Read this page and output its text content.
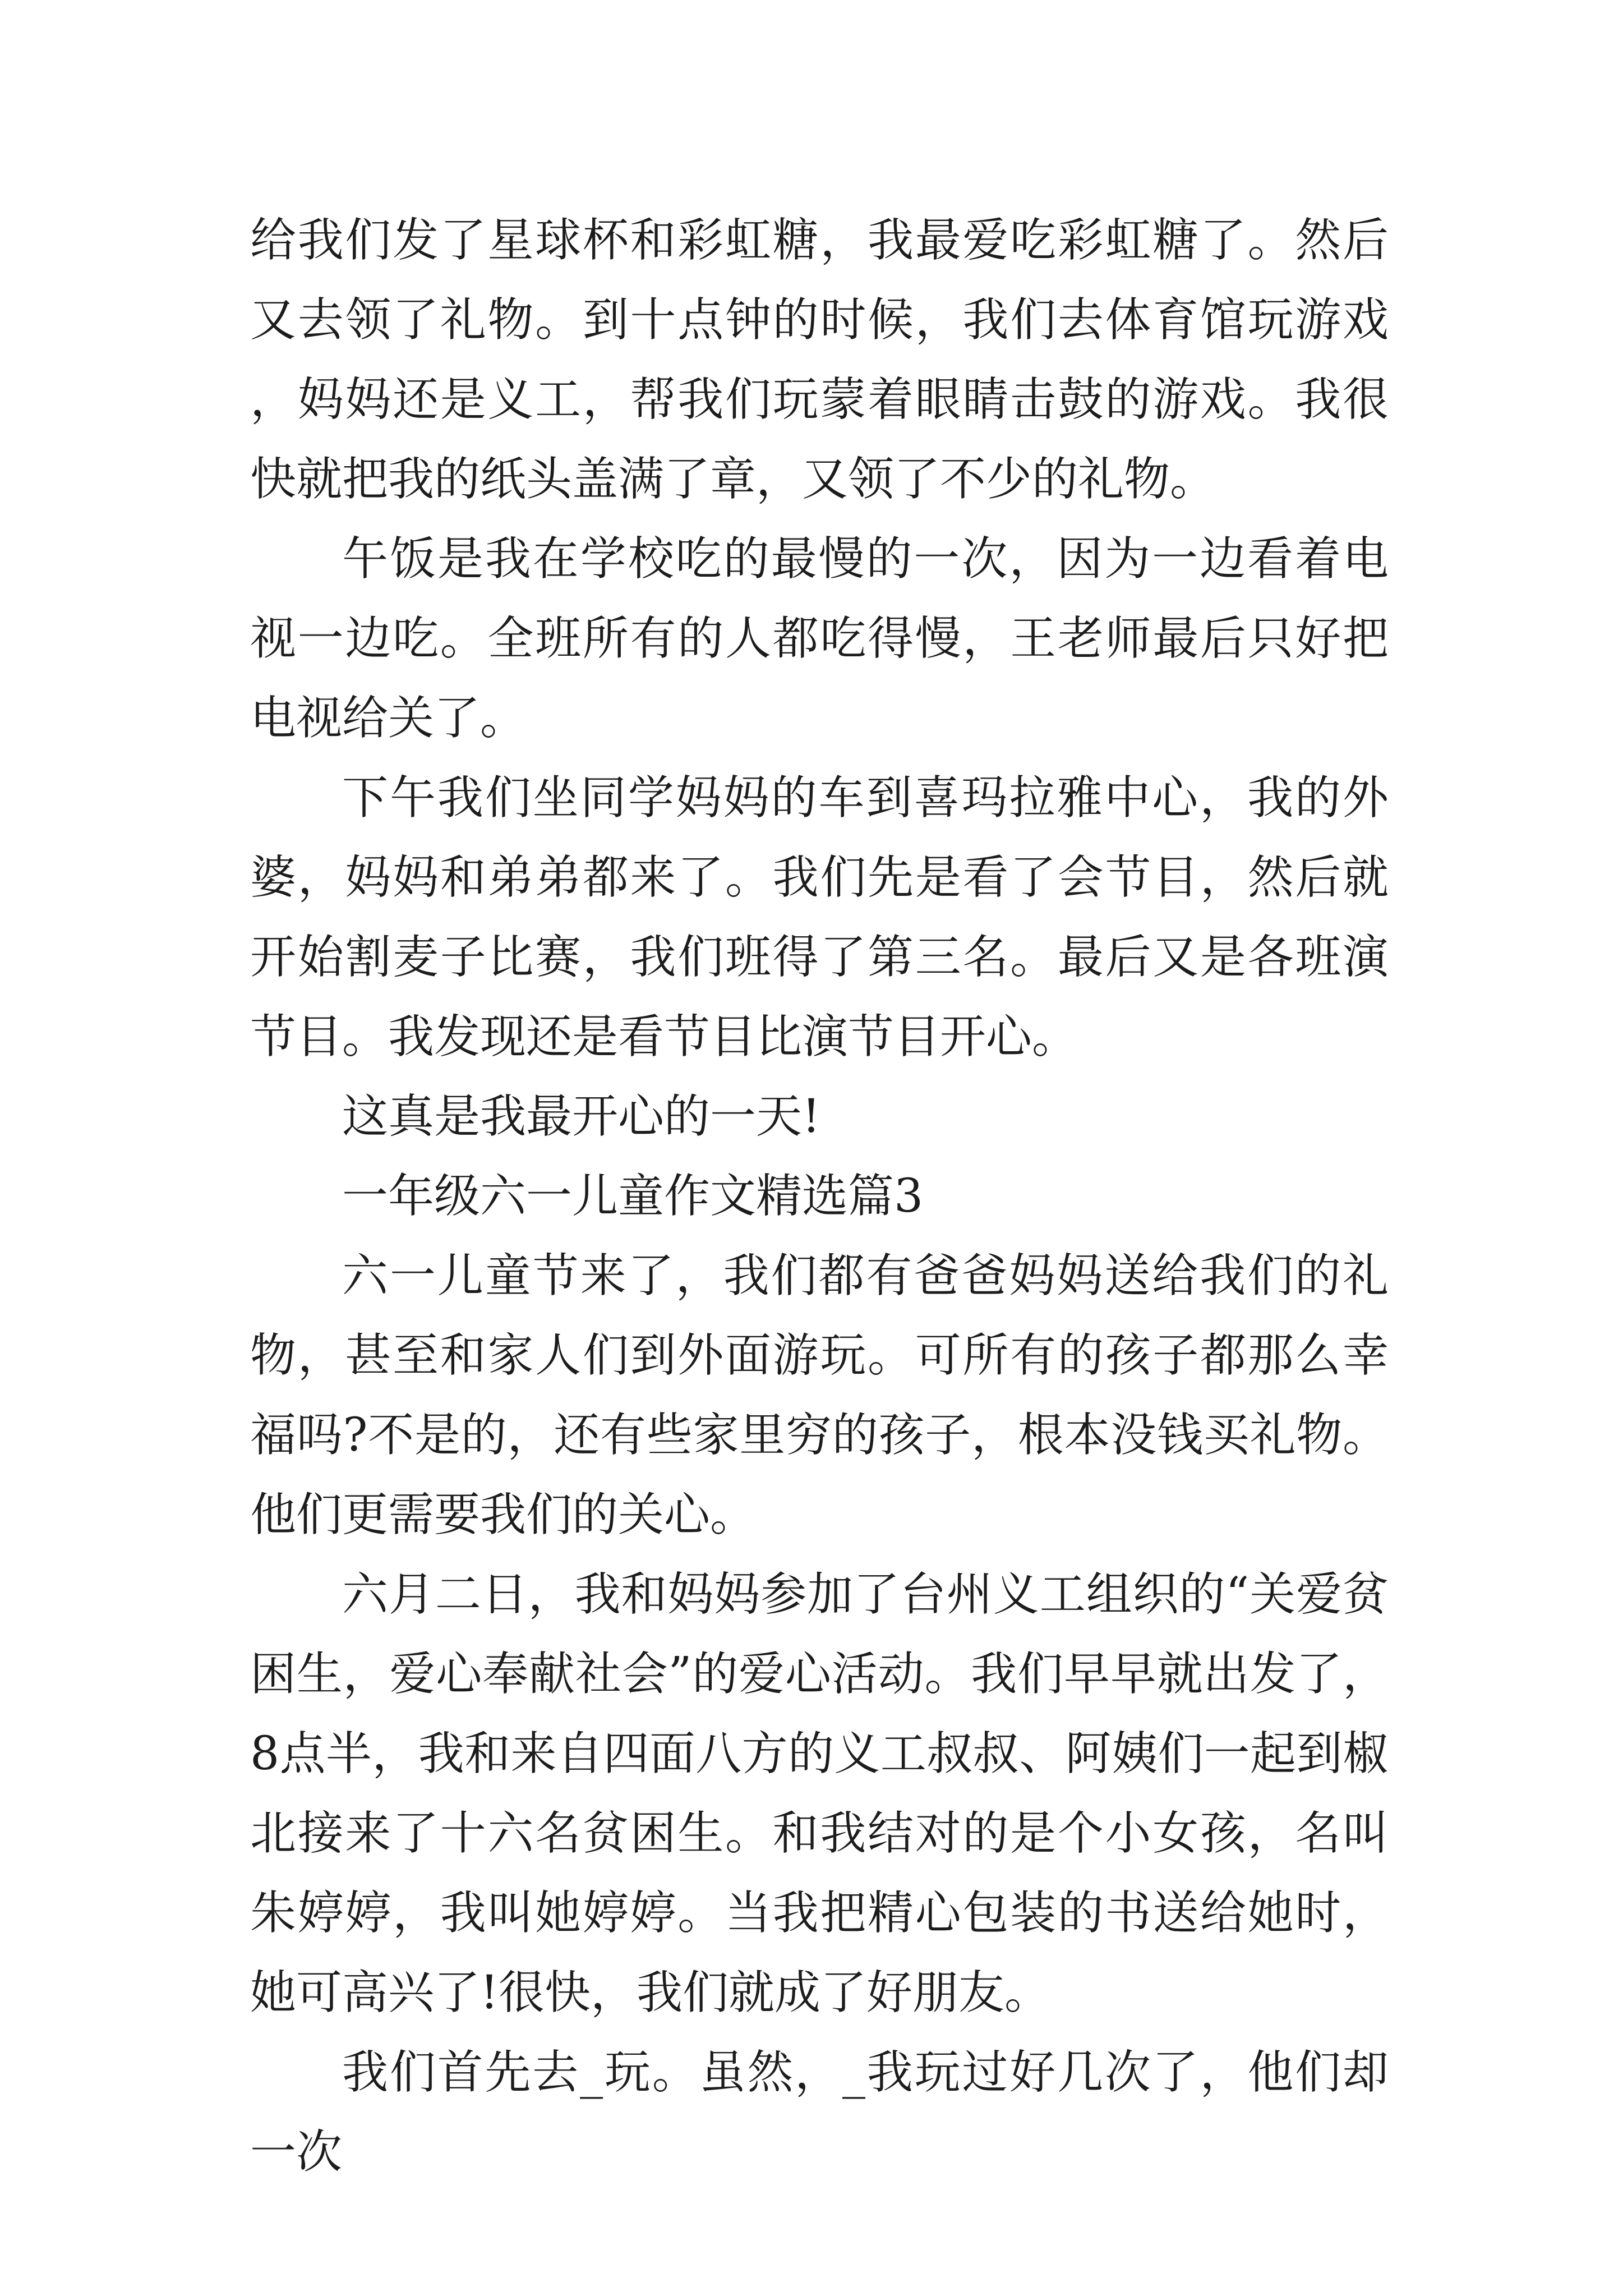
给我们发了星球杯和彩虹糖，我最爱吃彩虹糖了。然后又去领了礼物。到十点钟的时候，我们去体育馆玩游戏，妈妈还是义工，帮我们玩蒙着眼睛击鼓的游戏。我很快就把我的纸头盖满了章，又领了不少的礼物。

午饭是我在学校吃的最慢的一次，因为一边看着电视一边吃。全班所有的人都吃得慢，王老师最后只好把电视给关了。

下午我们坐同学妈妈的车到喜玛拉雅中心，我的外婆，妈妈和弟弟都来了。我们先是看了会节目，然后就开始割麦子比赛，我们班得了第三名。最后又是各班演节目。我发现还是看节目比演节目开心。

这真是我最开心的一天!

一年级六一儿童作文精选篇3

六一儿童节来了，我们都有爸爸妈妈送给我们的礼物，甚至和家人们到外面游玩。可所有的孩子都那么幸福吗?不是的，还有些家里穷的孩子，根本没钱买礼物。他们更需要我们的关心。

六月二日，我和妈妈参加了台州义工组织的“关爱贫困生，爱心奉献社会”的爱心活动。我们早早就出发了，8点半，我和来自四面八方的义工叔叔、阿姨们一起到椒北接来了十六名贫困生。和我结对的是个小女孩，名叫朱婷婷，我叫她婷婷。当我把精心包装的书送给她时，她可高兴了!很快，我们就成了好朋友。

我们首先去_玩。虽然，_我玩过好几次了，他们却一次
